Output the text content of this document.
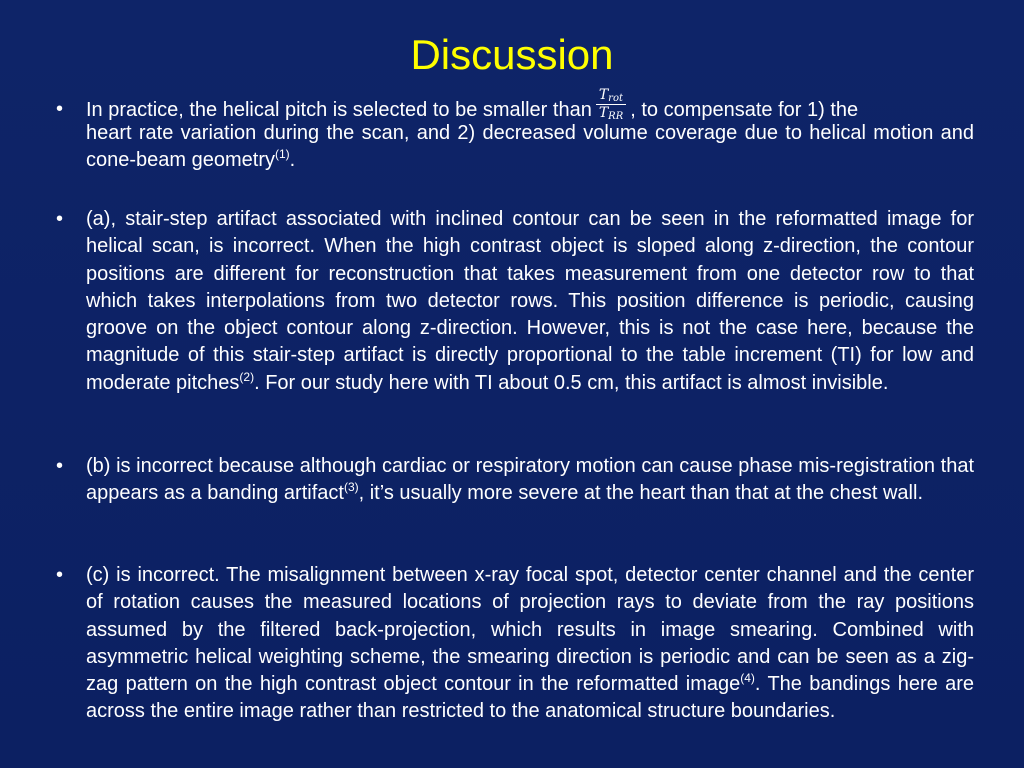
Discussion
• In practice, the helical pitch is selected to be smaller than $\frac{T_{rot}}{T_{RR}}$ , to compensate for 1) the
heart rate variation during the scan, and 2) decreased volume coverage due to helical motion and cone-beam geometry$^{(1)}$.
• (a), stair-step artifact associated with inclined contour can be seen in the reformatted image for helical scan, is incorrect. When the high contrast object is sloped along z-direction, the contour positions are different for reconstruction that takes measurement from one detector row to that which takes interpolations from two detector rows. This position difference is periodic, causing groove on the object contour along z-direction. However, this is not the case here, because the magnitude of this stair-step artifact is directly proportional to the table increment (TI) for low and moderate pitches$^{(2)}$. For our study here with TI about 0.5 cm, this artifact is almost invisible.
• (b) is incorrect because although cardiac or respiratory motion can cause phase mis-registration that appears as a banding artifact$^{(3)}$, it’s usually more severe at the heart than that at the chest wall.
• (c) is incorrect. The misalignment between x-ray focal spot, detector center channel and the center of rotation causes the measured locations of projection rays to deviate from the ray positions assumed by the filtered back-projection, which results in image smearing. Combined with asymmetric helical weighting scheme, the smearing direction is periodic and can be seen as a zig-zag pattern on the high contrast object contour in the reformatted image$^{(4)}$. The bandings here are across the entire image rather than restricted to the anatomical structure boundaries.
